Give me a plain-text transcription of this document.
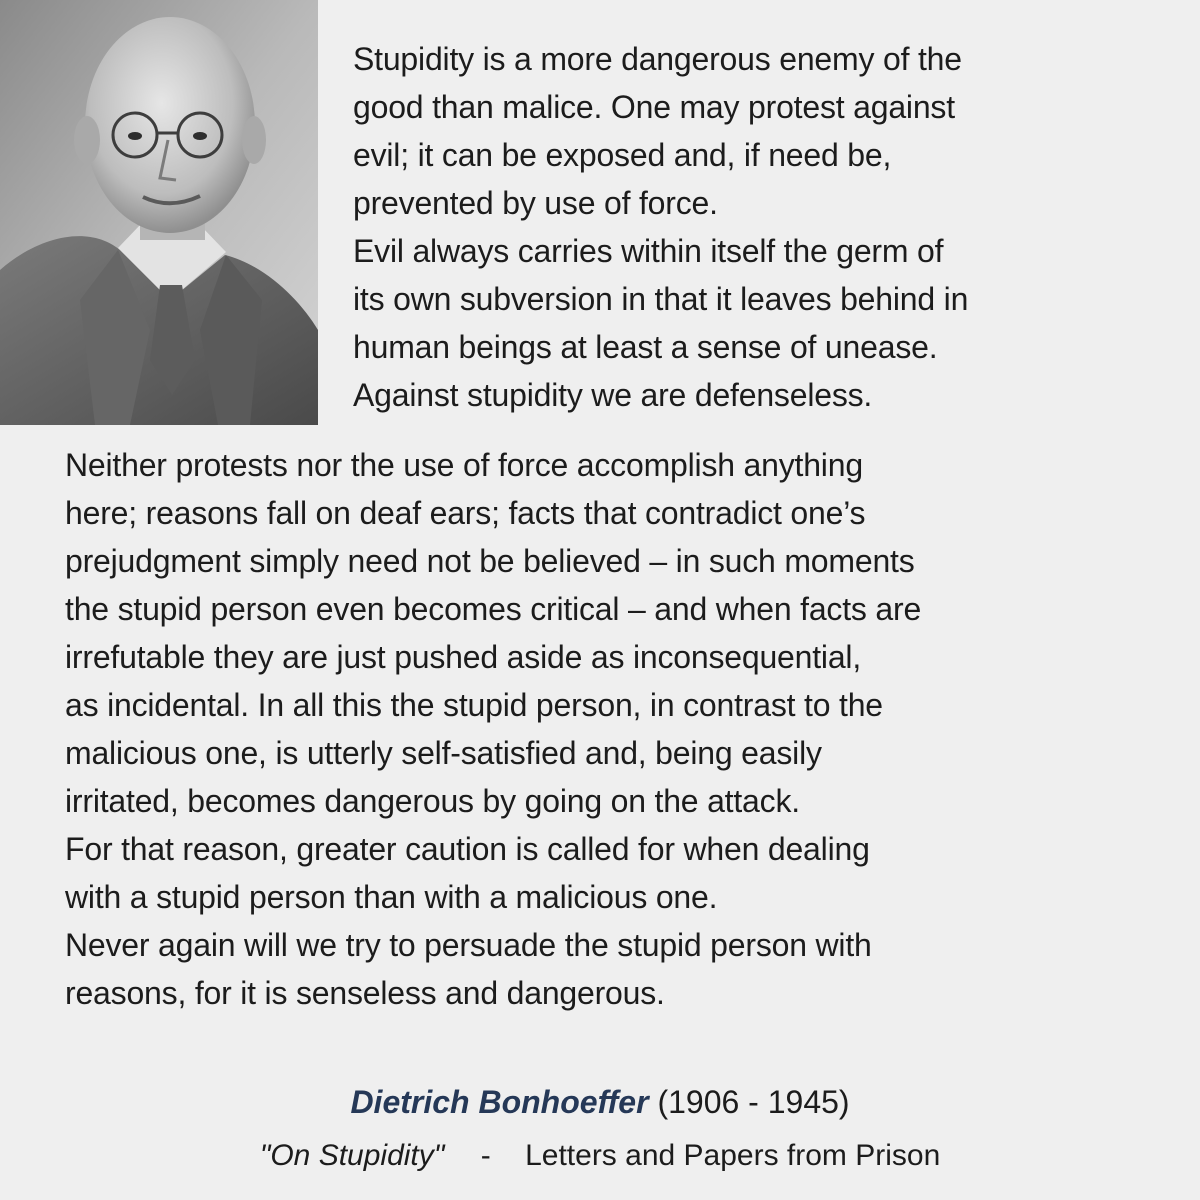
Stupidity is a more dangerous enemy of the
good than malice. One may protest against
evil; it can be exposed and, if need be,
prevented by use of force.
Evil always carries within itself the germ of
its own subversion in that it leaves behind in
human beings at least a sense of unease.
Against stupidity we are defenseless.
Neither protests nor the use of force accomplish anything
here; reasons fall on deaf ears; facts that contradict one’s
prejudgment simply need not be believed – in such moments
the stupid person even becomes critical – and when facts are
irrefutable they are just pushed aside as inconsequential,
as incidental. In all this the stupid person, in contrast to the
malicious one, is utterly self-satisfied and, being easily
irritated, becomes dangerous by going on the attack.
For that reason, greater caution is called for when dealing
with a stupid person than with a malicious one.
Never again will we try to persuade the stupid person with
reasons, for it is senseless and dangerous.
Dietrich Bonhoeffer (1906 - 1945)
"On Stupidity" - Letters and Papers from Prison
